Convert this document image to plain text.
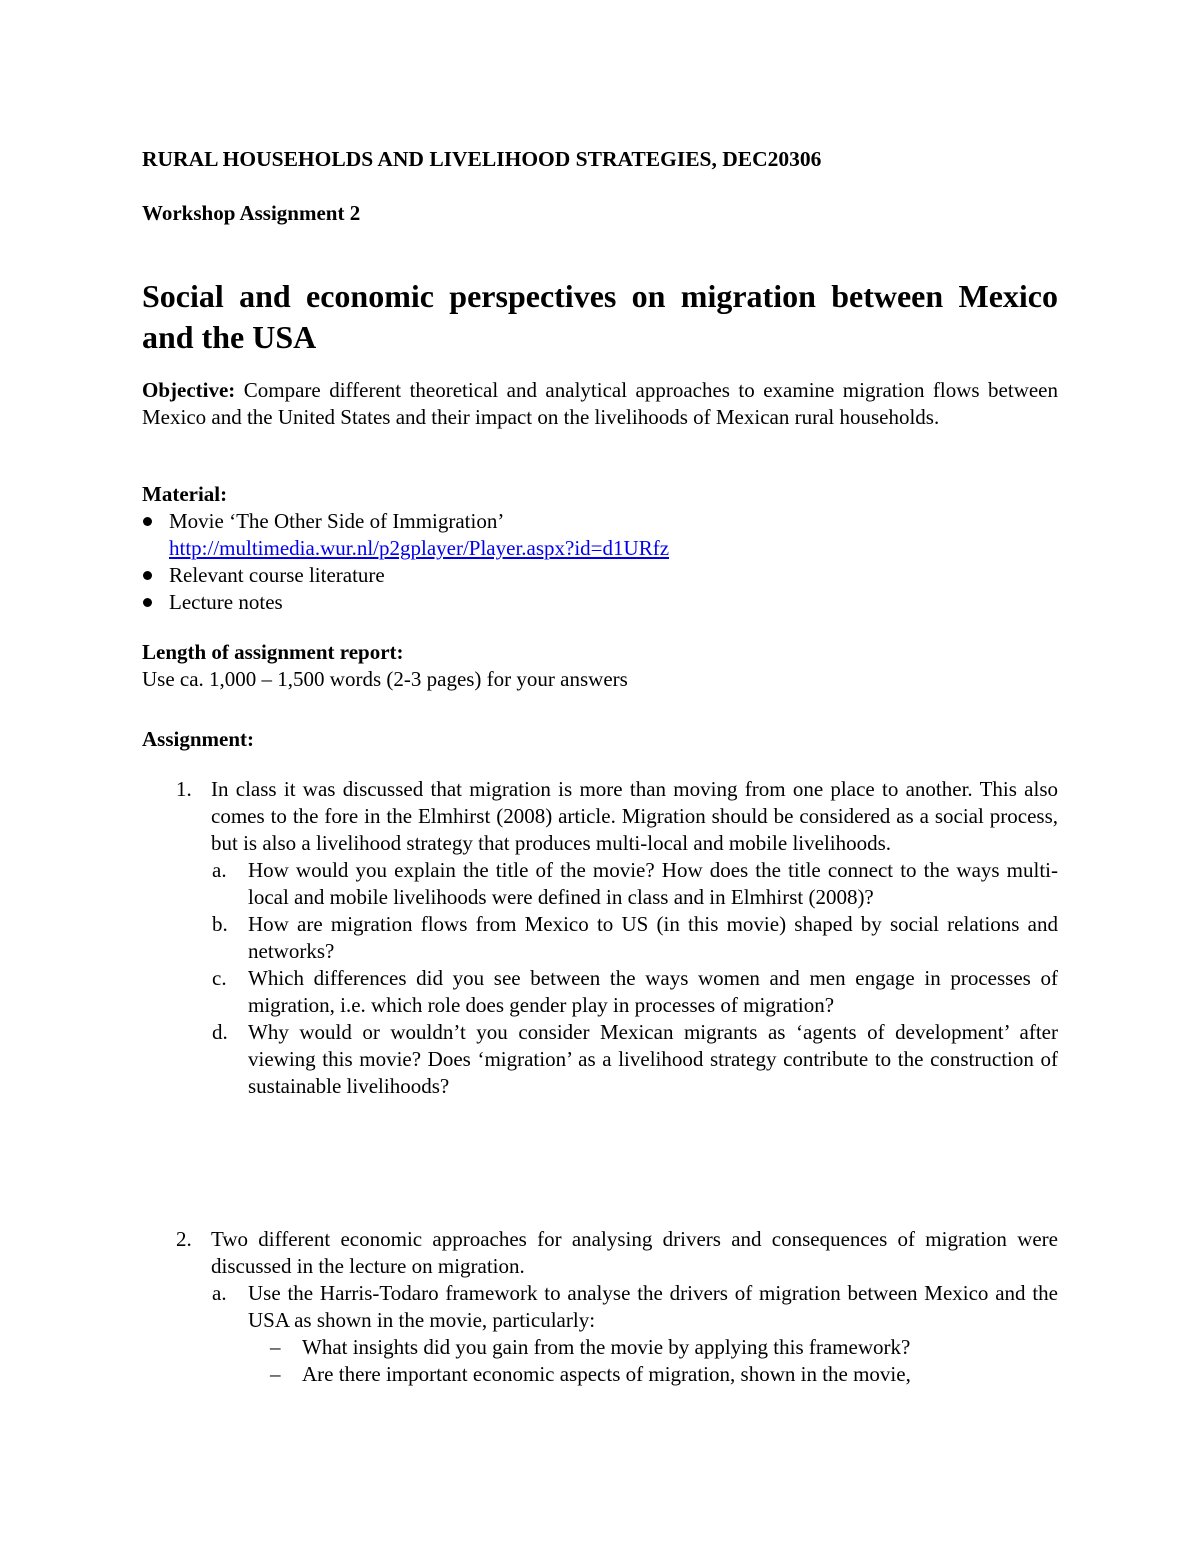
RURAL HOUSEHOLDS AND LIVELIHOOD STRATEGIES, DEC20306
Workshop Assignment 2
Social and economic perspectives on migration between Mexico and the USA

Objective: Compare different theoretical and analytical approaches to examine migration flows between Mexico and the United States and their impact on the livelihoods of Mexican rural households.

Material:
Movie ‘The Other Side of Immigration’
http://multimedia.wur.nl/p2gplayer/Player.aspx?id=d1URfz
Relevant course literature
Lecture notes
Length of assignment report:
Use ca. 1,000 – 1,500 words (2-3 pages) for your answers
Assignment:
1. In class it was discussed that migration is more than moving from one place to another. This also comes to the fore in the Elmhirst (2008) article. Migration should be considered as a social process, but is also a livelihood strategy that produces multi-local and mobile livelihoods.
a. How would you explain the title of the movie? How does the title connect to the ways multi-local and mobile livelihoods were defined in class and in Elmhirst (2008)?
b. How are migration flows from Mexico to US (in this movie) shaped by social relations and networks?
c. Which differences did you see between the ways women and men engage in processes of migration, i.e. which role does gender play in processes of migration?
d. Why would or wouldn’t you consider Mexican migrants as ‘agents of development’ after viewing this movie? Does ‘migration’ as a livelihood strategy contribute to the construction of sustainable livelihoods?
2. Two different economic approaches for analysing drivers and consequences of migration were discussed in the lecture on migration.
a. Use the Harris-Todaro framework to analyse the drivers of migration between Mexico and the USA as shown in the movie, particularly:
– What insights did you gain from the movie by applying this framework?
– Are there important economic aspects of migration, shown in the movie,
